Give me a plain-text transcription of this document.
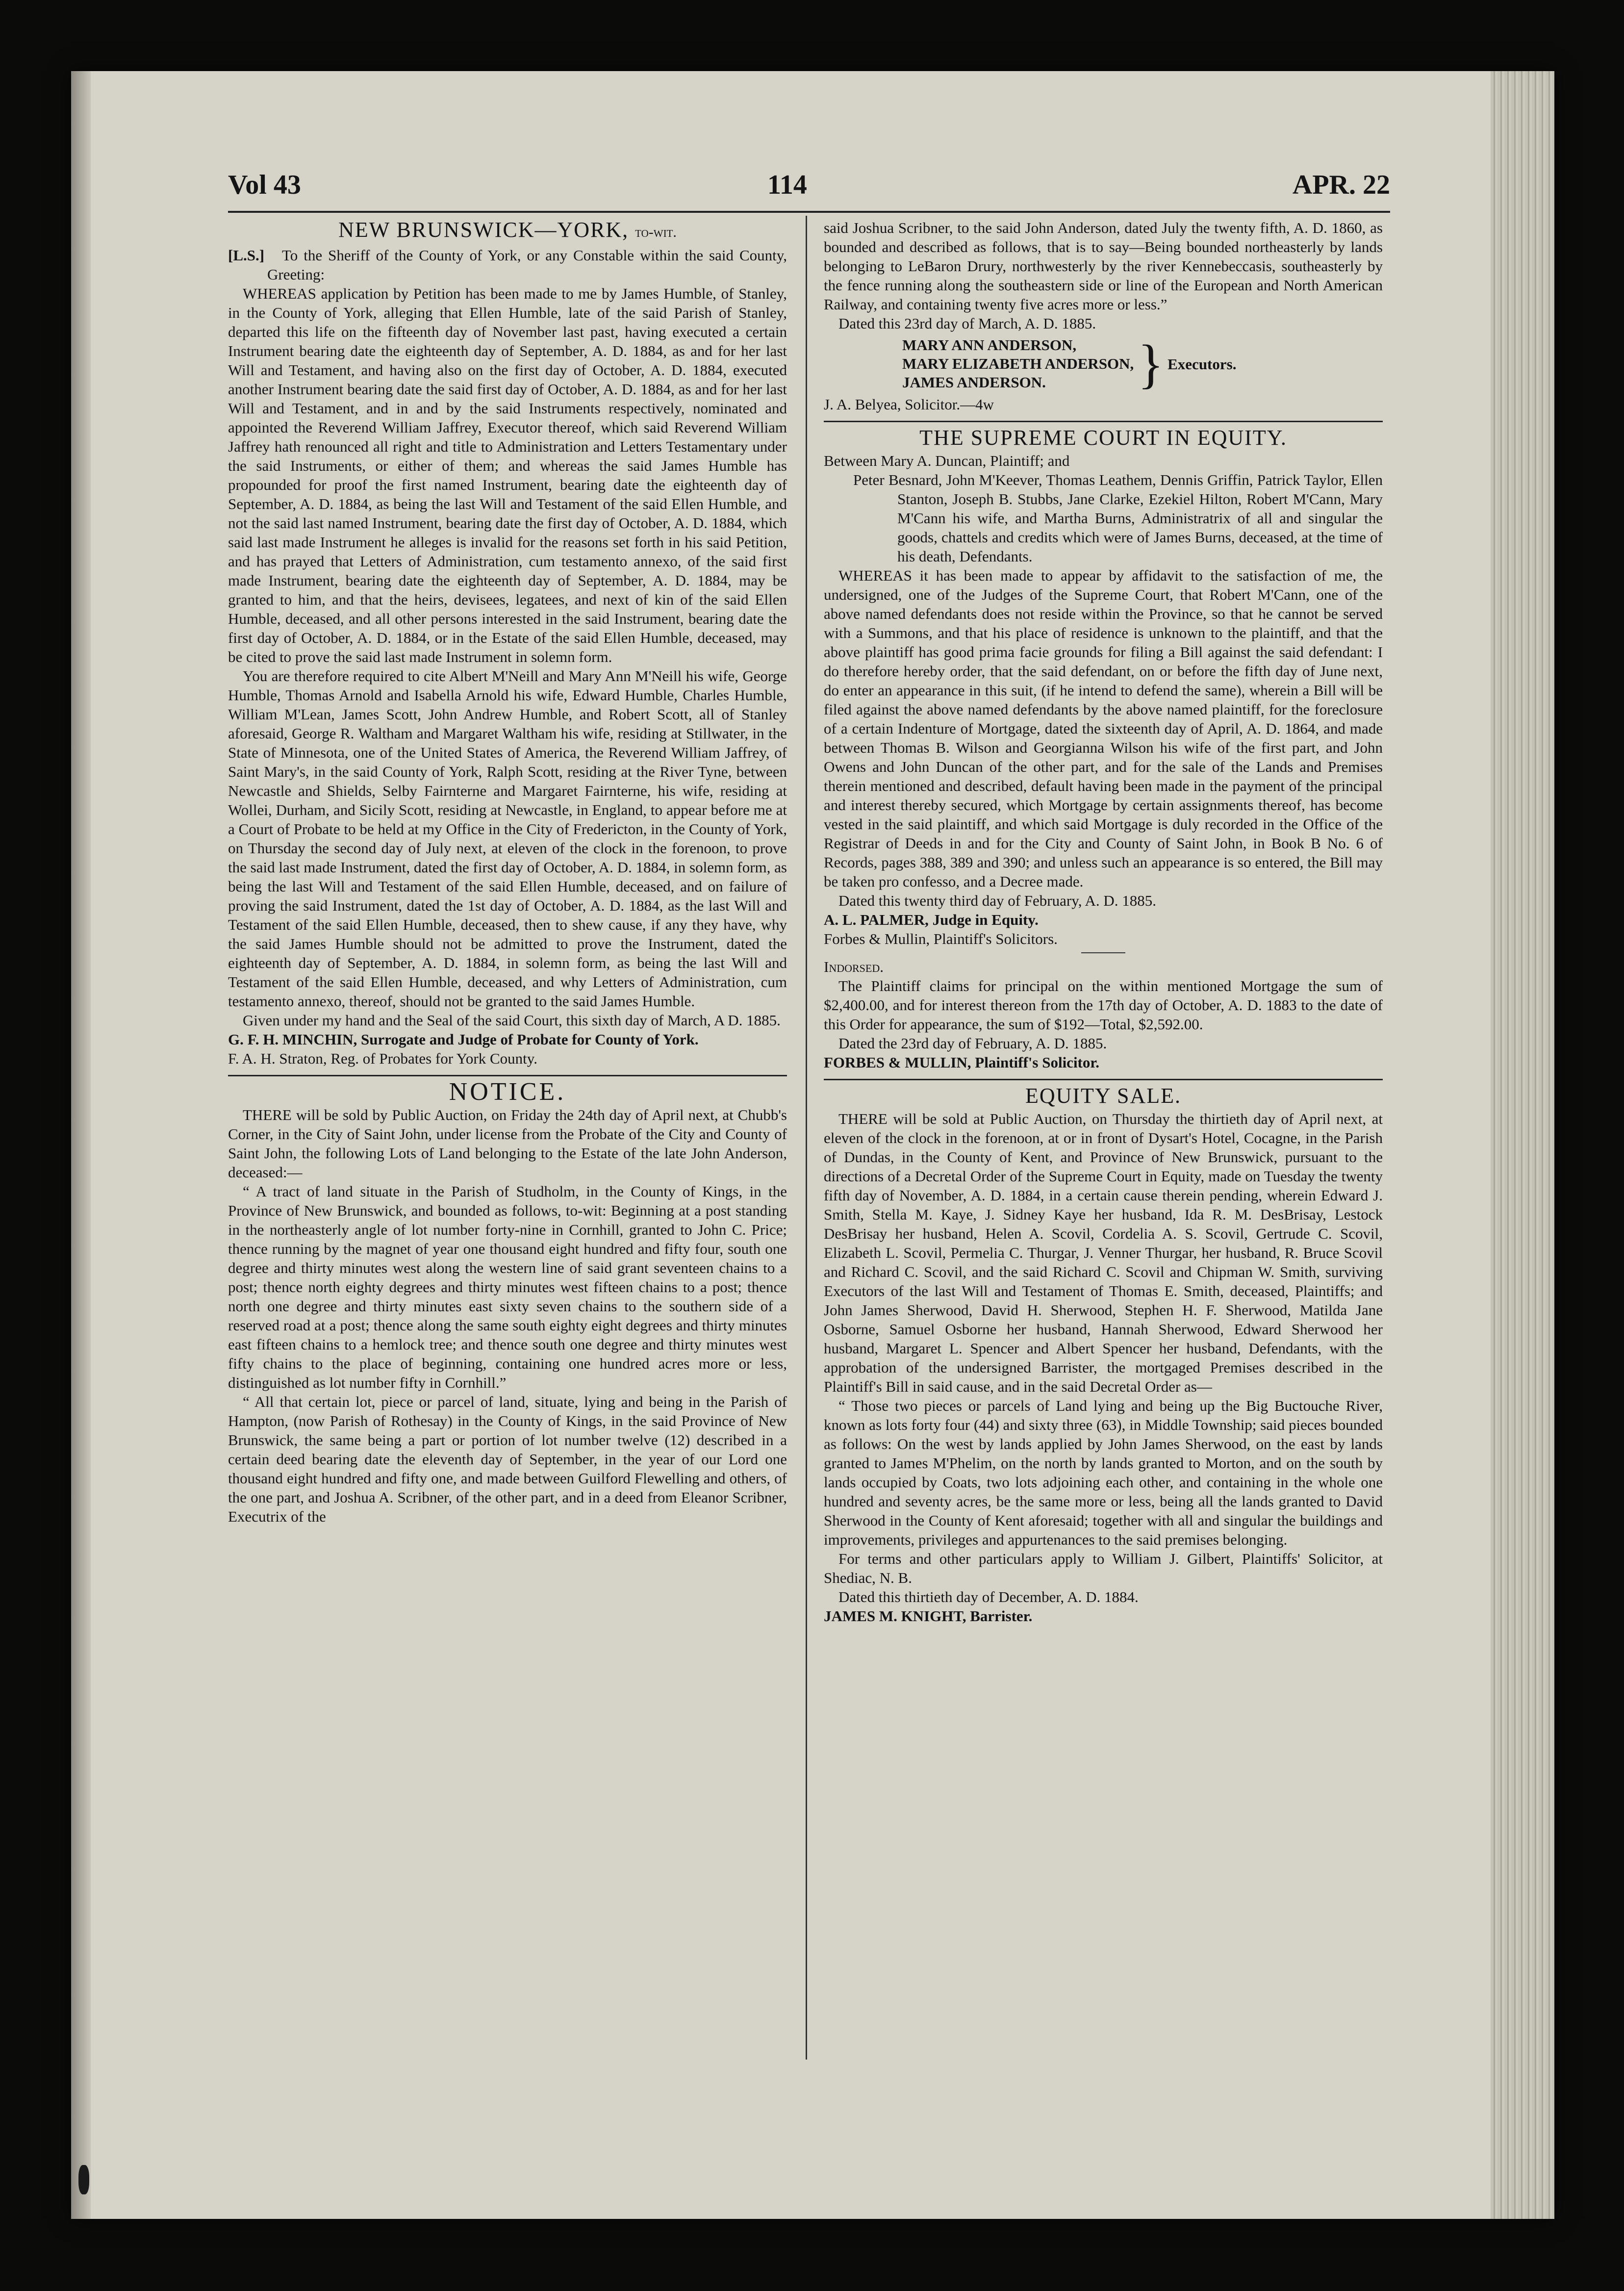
Vol 43	114	APR. 22
NEW BRUNSWICK—YORK, to-wit.
[L.S.]	To the Sheriff of the County of York, or any Constable within the said County, Greeting:

WHEREAS application by Petition has been made to me by James Humble, of Stanley, in the County of York, alleging that Ellen Humble, late of the said Parish of Stanley, departed this life on the fifteenth day of November last past, having executed a certain Instrument bearing date the eighteenth day of September, A. D. 1884, as and for her last Will and Testament, and having also on the first day of October, A. D. 1884, executed another Instrument bearing date the said first day of October, A. D. 1884, as and for her last Will and Testament, and in and by the said Instruments respectively, nominated and appointed the Reverend William Jaffrey, Executor thereof, which said Reverend William Jaffrey hath renounced all right and title to Administration and Letters Testamentary under the said Instruments, or either of them; and whereas the said James Humble has propounded for proof the first named Instrument, bearing date the eighteenth day of September, A. D. 1884, as being the last Will and Testament of the said Ellen Humble, and not the said last named Instrument, bearing date the first day of October, A. D. 1884, which said last made Instrument he alleges is invalid for the reasons set forth in his said Petition, and has prayed that Letters of Administration, cum testamento annexo, of the said first made Instrument, bearing date the eighteenth day of September, A. D. 1884, may be granted to him, and that the heirs, devisees, legatees, and next of kin of the said Ellen Humble, deceased, and all other persons interested in the said Instrument, bearing date the first day of October, A. D. 1884, or in the Estate of the said Ellen Humble, deceased, may be cited to prove the said last made Instrument in solemn form.

You are therefore required to cite Albert M'Neill and Mary Ann M'Neill his wife, George Humble, Thomas Arnold and Isabella Arnold his wife, Edward Humble, Charles Humble, William M'Lean, James Scott, John Andrew Humble, and Robert Scott, all of Stanley aforesaid, George R. Waltham and Margaret Waltham his wife, residing at Stillwater, in the State of Minnesota, one of the United States of America, the Reverend William Jaffrey, of Saint Mary's, in the said County of York, Ralph Scott, residing at the River Tyne, between Newcastle and Shields, Selby Fairnterne and Margaret Fairnterne, his wife, residing at Wollei, Durham, and Sicily Scott, residing at Newcastle, in England, to appear before me at a Court of Probate to be held at my Office in the City of Fredericton, in the County of York, on Thursday the second day of July next, at eleven of the clock in the forenoon, to prove the said last made Instrument, dated the first day of October, A. D. 1884, in solemn form, as being the last Will and Testament of the said Ellen Humble, deceased, and on failure of proving the said Instrument, dated the 1st day of October, A. D. 1884, as the last Will and Testament of the said Ellen Humble, deceased, then to shew cause, if any they have, why the said James Humble should not be admitted to prove the Instrument, dated the eighteenth day of September, A. D. 1884, in solemn form, as being the last Will and Testament of the said Ellen Humble, deceased, and why Letters of Administration, cum testamento annexo, thereof, should not be granted to the said James Humble.

Given under my hand and the Seal of the said Court, this sixth day of March, A D. 1885.

G. F. H. MINCHIN, Surrogate and Judge of Probate for County of York.

F. A. H. Straton, Reg. of Probates for York County.

NOTICE.

THERE will be sold by Public Auction, on Friday the 24th day of April next, at Chubb's Corner, in the City of Saint John, under license from the Probate of the City and County of Saint John, the following Lots of Land belonging to the Estate of the late John Anderson, deceased:—

“ A tract of land situate in the Parish of Studholm, in the County of Kings, in the Province of New Brunswick, and bounded as follows, to-wit: Beginning at a post standing in the northeasterly angle of lot number forty-nine in Cornhill, granted to John C. Price; thence running by the magnet of year one thousand eight hundred and fifty four, south one degree and thirty minutes west along the western line of said grant seventeen chains to a post; thence north eighty degrees and thirty minutes west fifteen chains to a post; thence north one degree and thirty minutes east sixty seven chains to the southern side of a reserved road at a post; thence along the same south eighty eight degrees and thirty minutes east fifteen chains to a hemlock tree; and thence south one degree and thirty minutes west fifty chains to the place of beginning, containing one hundred acres more or less, distinguished as lot number fifty in Cornhill.”

“ All that certain lot, piece or parcel of land, situate, lying and being in the Parish of Hampton, (now Parish of Rothesay) in the County of Kings, in the said Province of New Brunswick, the same being a part or portion of lot number twelve (12) described in a certain deed bearing date the eleventh day of September, in the year of our Lord one thousand eight hundred and fifty one, and made between Guilford Flewelling and others, of the one part, and Joshua A. Scribner, of the other part, and in a deed from Eleanor Scribner, Executrix of the

said Joshua Scribner, to the said John Anderson, dated July the twenty fifth, A. D. 1860, as bounded and described as follows, that is to say—Being bounded northeasterly by lands belonging to LeBaron Drury, northwesterly by the river Kennebeccasis, southeasterly by the fence running along the southeastern side or line of the European and North American Railway, and containing twenty five acres more or less.”

Dated this 23rd day of March, A. D. 1885.

MARY ANN ANDERSON,
MARY ELIZABETH ANDERSON,
JAMES ANDERSON.	} Executors.

J. A. Belyea, Solicitor.—4w

THE SUPREME COURT IN EQUITY.

Between Mary A. Duncan, Plaintiff; and

Peter Besnard, John M'Keever, Thomas Leathem, Dennis Griffin, Patrick Taylor, Ellen Stanton, Joseph B. Stubbs, Jane Clarke, Ezekiel Hilton, Robert M'Cann, Mary M'Cann his wife, and Martha Burns, Administratrix of all and singular the goods, chattels and credits which were of James Burns, deceased, at the time of his death, Defendants.

WHEREAS it has been made to appear by affidavit to the satisfaction of me, the undersigned, one of the Judges of the Supreme Court, that Robert M'Cann, one of the above named defendants does not reside within the Province, so that he cannot be served with a Summons, and that his place of residence is unknown to the plaintiff, and that the above plaintiff has good prima facie grounds for filing a Bill against the said defendant: I do therefore hereby order, that the said defendant, on or before the fifth day of June next, do enter an appearance in this suit, (if he intend to defend the same), wherein a Bill will be filed against the above named defendants by the above named plaintiff, for the foreclosure of a certain Indenture of Mortgage, dated the sixteenth day of April, A. D. 1864, and made between Thomas B. Wilson and Georgianna Wilson his wife of the first part, and John Owens and John Duncan of the other part, and for the sale of the Lands and Premises therein mentioned and described, default having been made in the payment of the principal and interest thereby secured, which Mortgage by certain assignments thereof, has become vested in the said plaintiff, and which said Mortgage is duly recorded in the Office of the Registrar of Deeds in and for the City and County of Saint John, in Book B No. 6 of Records, pages 388, 389 and 390; and unless such an appearance is so entered, the Bill may be taken pro confesso, and a Decree made.

Dated this twenty third day of February, A. D. 1885.

A. L. PALMER, Judge in Equity.

Forbes & Mullin, Plaintiff's Solicitors.

Indorsed.

The Plaintiff claims for principal on the within mentioned Mortgage the sum of $2,400.00, and for interest thereon from the 17th day of October, A. D. 1883 to the date of this Order for appearance, the sum of $192—Total, $2,592.00.

Dated the 23rd day of February, A. D. 1885.

FORBES & MULLIN, Plaintiff's Solicitor.

EQUITY SALE.

THERE will be sold at Public Auction, on Thursday the thirtieth day of April next, at eleven of the clock in the forenoon, at or in front of Dysart's Hotel, Cocagne, in the Parish of Dundas, in the County of Kent, and Province of New Brunswick, pursuant to the directions of a Decretal Order of the Supreme Court in Equity, made on Tuesday the twenty fifth day of November, A. D. 1884, in a certain cause therein pending, wherein Edward J. Smith, Stella M. Kaye, J. Sidney Kaye her husband, Ida R. M. DesBrisay, Lestock DesBrisay her husband, Helen A. Scovil, Cordelia A. S. Scovil, Gertrude C. Scovil, Elizabeth L. Scovil, Permelia C. Thurgar, J. Venner Thurgar, her husband, R. Bruce Scovil and Richard C. Scovil, and the said Richard C. Scovil and Chipman W. Smith, surviving Executors of the last Will and Testament of Thomas E. Smith, deceased, Plaintiffs; and John James Sherwood, David H. Sherwood, Stephen H. F. Sherwood, Matilda Jane Osborne, Samuel Osborne her husband, Hannah Sherwood, Edward Sherwood her husband, Margaret L. Spencer and Albert Spencer her husband, Defendants, with the approbation of the undersigned Barrister, the mortgaged Premises described in the Plaintiff's Bill in said cause, and in the said Decretal Order as—

“ Those two pieces or parcels of Land lying and being up the Big Buctouche River, known as lots forty four (44) and sixty three (63), in Middle Township; said pieces bounded as follows: On the west by lands applied by John James Sherwood, on the east by lands granted to James M'Phelim, on the north by lands granted to Morton, and on the south by lands occupied by Coats, two lots adjoining each other, and containing in the whole one hundred and seventy acres, be the same more or less, being all the lands granted to David Sherwood in the County of Kent aforesaid; together with all and singular the buildings and improvements, privileges and appurtenances to the said premises belonging.

For terms and other particulars apply to William J. Gilbert, Plaintiffs' Solicitor, at Shediac, N. B.

Dated this thirtieth day of December, A. D. 1884.

JAMES M. KNIGHT, Barrister.
